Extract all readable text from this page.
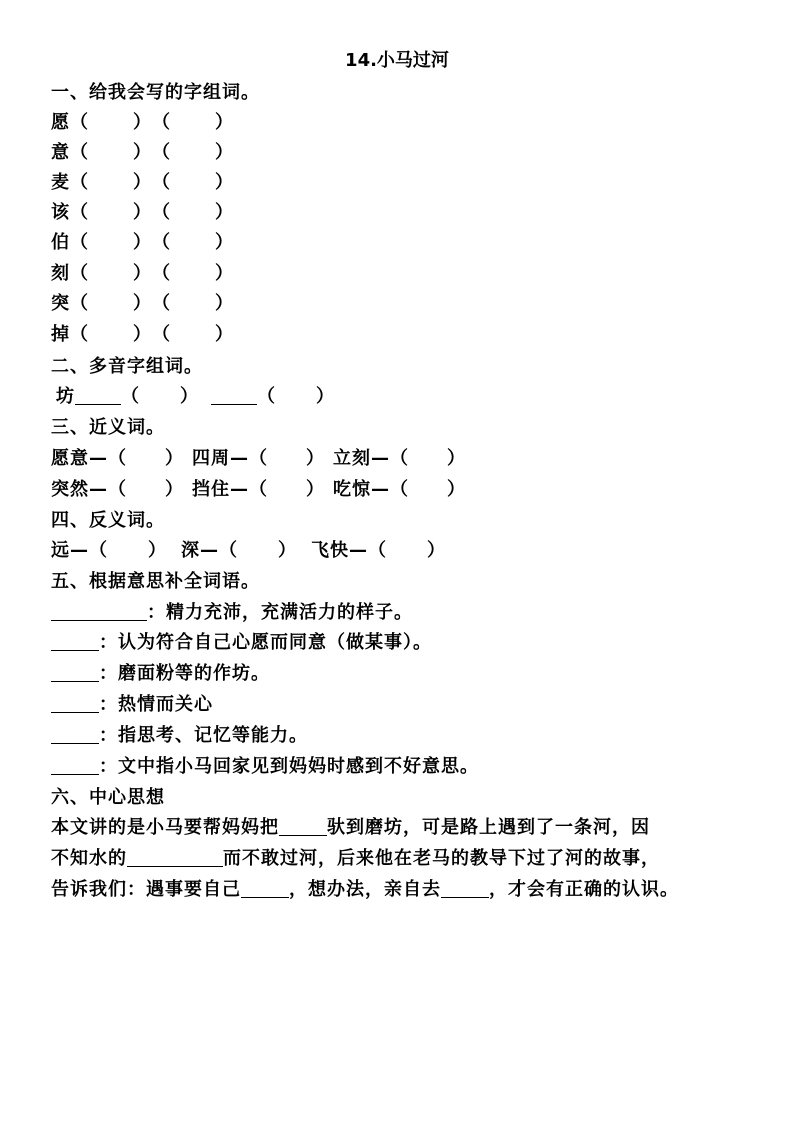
14.小马过河
一、给我会写的字组词。
愿（ ）（ ）
意（ ）（ ）
麦（ ）（ ）
该（ ）（ ）
伯（ ）（ ）
刻（ ）（ ）
突（ ）（ ）
掉（ ）（ ）
二、多音字组词。
坊	（ ）	（ ）
三、近义词。
愿意—（ ） 四周—（ ） 立刻—（ ）
突然—（ ） 挡住—（ ） 吃惊—（ ）
四、反义词。
远—（ ） 深—（ ） 飞快—（ ）
五、根据意思补全词语。
：精力充沛，充满活力的样子。
：认为符合自己心愿而同意（做某事）。
：磨面粉等的作坊。
：热情而关心
：指思考、记忆等能力。
：文中指小马回家见到妈妈时感到不好意思。
六、中心思想
本文讲的是小马要帮妈妈把	驮到磨坊，可是路上遇到了一条河，因
不知水的	而不敢过河，后来他在老马的教导下过了河的故事，
告诉我们：遇事要自己	，想办法，亲自去	，才会有正确的认识。
